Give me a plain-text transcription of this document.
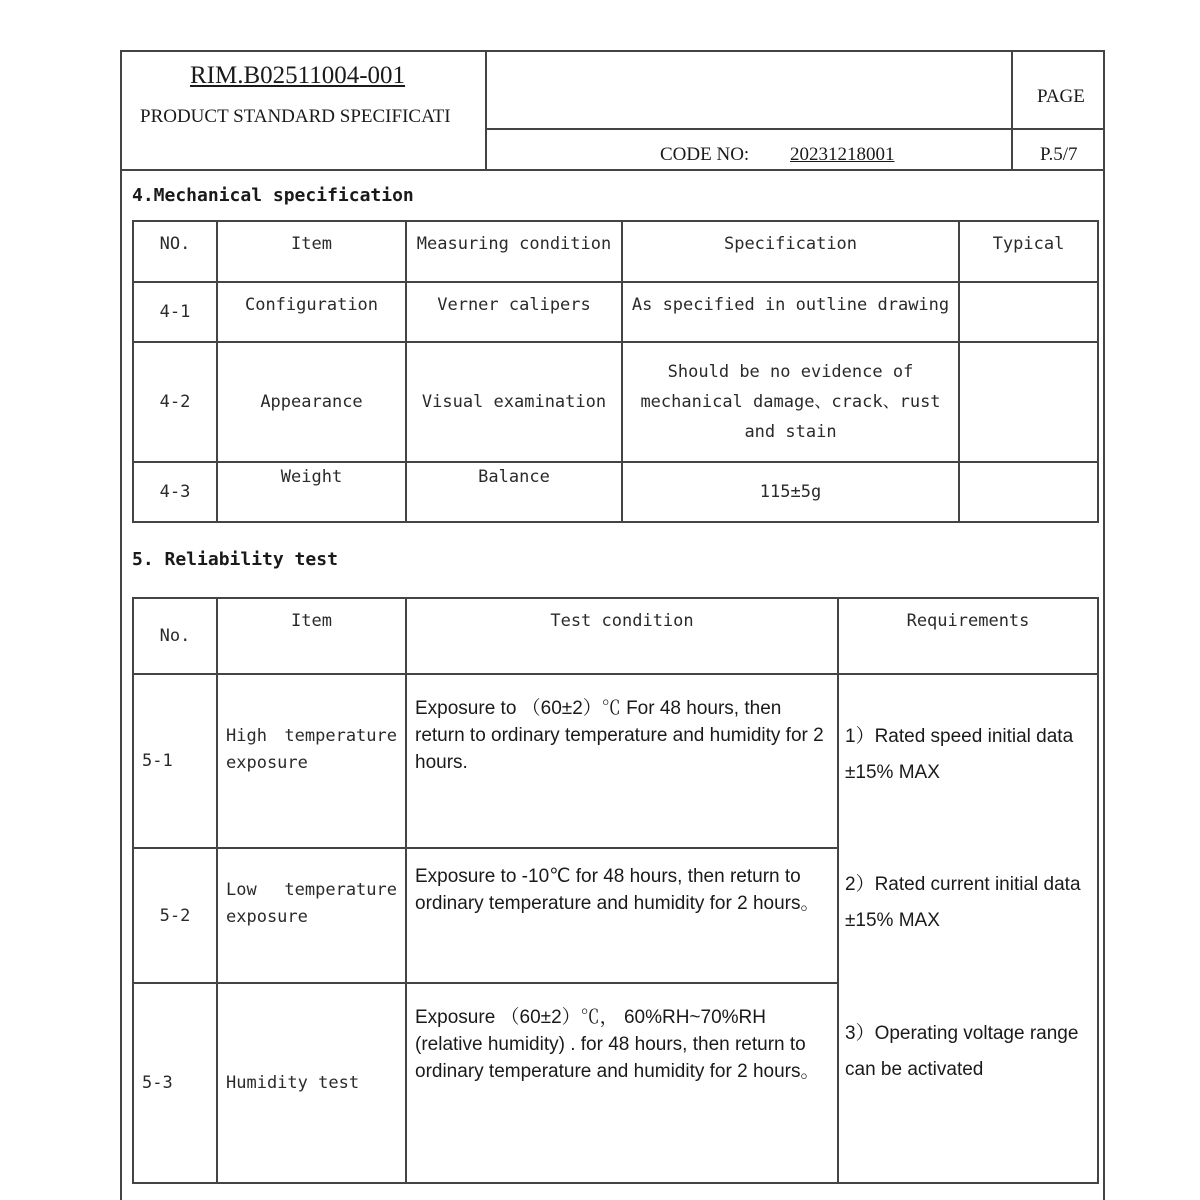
RIM.B02511004-001
PRODUCT STANDARD SPECIFICATI
PAGE
CODE NO: 20231218001	P.5/7
4.Mechanical specification
NO.	Item	Measuring condition	Specification	Typical
4-1	Configuration	Verner calipers	As specified in outline drawing	
4-2	Appearance	Visual examination	Should be no evidence of mechanical damage、crack、rust and stain	
4-3	Weight	Balance	115±5g	
5. Reliability test
No.	Item	Test condition	Requirements
5-1	High temperature exposure	Exposure to （60±2）℃ For 48 hours, then return to ordinary temperature and humidity for 2 hours.	1）Rated speed initial data ±15% MAX
2）Rated current initial data ±15% MAX
3）Operating voltage range can be activated

5-2	Low temperature exposure	Exposure to -10℃ for 48 hours, then return to ordinary temperature and humidity for 2 hours。	
5-3	Humidity test	Exposure （60±2）℃， 60%RH~70%RH (relative humidity) . for 48 hours, then return to ordinary temperature and humidity for 2 hours。	
